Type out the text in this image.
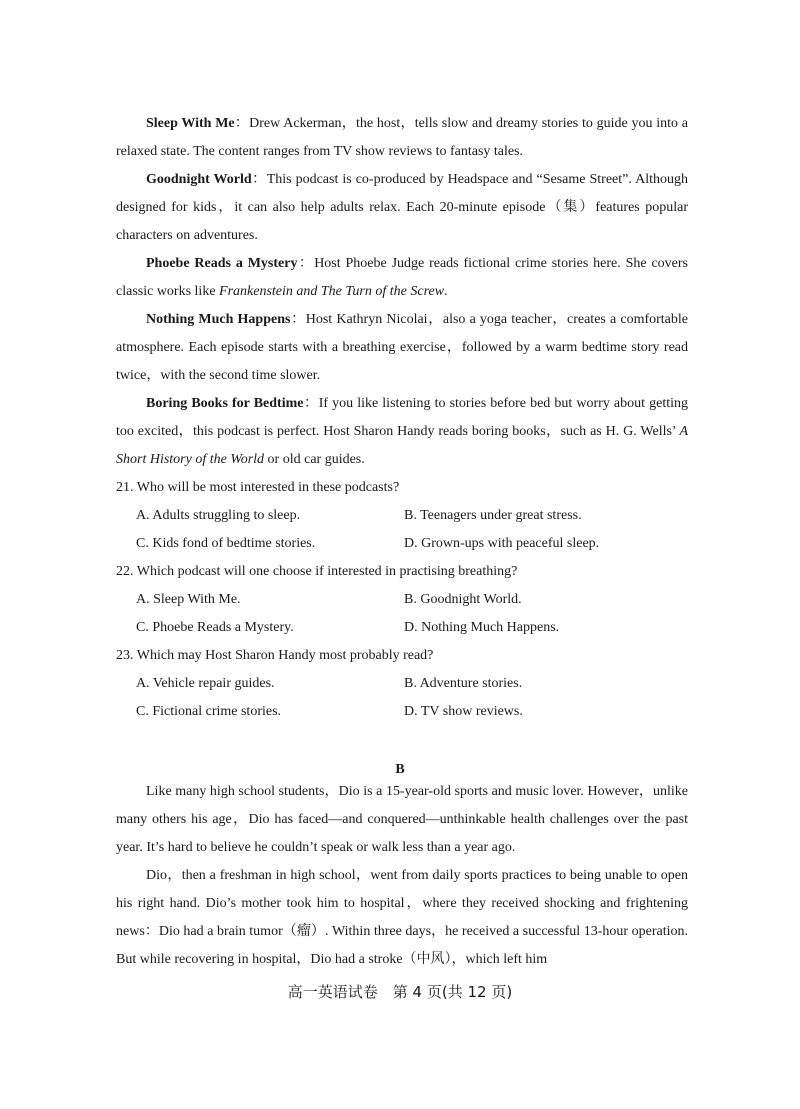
Sleep With Me：Drew Ackerman，the host，tells slow and dreamy stories to guide you into a relaxed state. The content ranges from TV show reviews to fantasy tales.
Goodnight World：This podcast is co-produced by Headspace and “Sesame Street”. Although designed for kids，it can also help adults relax. Each 20-minute episode（集）features popular characters on adventures.
Phoebe Reads a Mystery：Host Phoebe Judge reads fictional crime stories here. She covers classic works like Frankenstein and The Turn of the Screw.
Nothing Much Happens：Host Kathryn Nicolai，also a yoga teacher，creates a comfortable atmosphere. Each episode starts with a breathing exercise，followed by a warm bedtime story read twice，with the second time slower.
Boring Books for Bedtime：If you like listening to stories before bed but worry about getting too excited，this podcast is perfect. Host Sharon Handy reads boring books，such as H. G. Wells’ A Short History of the World or old car guides.
21. Who will be most interested in these podcasts?
A. Adults struggling to sleep.	B. Teenagers under great stress.
C. Kids fond of bedtime stories.	D. Grown-ups with peaceful sleep.
22. Which podcast will one choose if interested in practising breathing?
A. Sleep With Me.	B. Goodnight World.
C. Phoebe Reads a Mystery.	D. Nothing Much Happens.
23. Which may Host Sharon Handy most probably read?
A. Vehicle repair guides.	B. Adventure stories.
C. Fictional crime stories.	D. TV show reviews.
B
Like many high school students，Dio is a 15-year-old sports and music lover. However，unlike many others his age，Dio has faced—and conquered—unthinkable health challenges over the past year. It’s hard to believe he couldn’t speak or walk less than a year ago.
Dio，then a freshman in high school，went from daily sports practices to being unable to open his right hand. Dio’s mother took him to hospital，where they received shocking and frightening news：Dio had a brain tumor（瘤）. Within three days，he received a successful 13-hour operation. But while recovering in hospital，Dio had a stroke（中风），which left him
高一英语试卷　第 4 页(共 12 页)
